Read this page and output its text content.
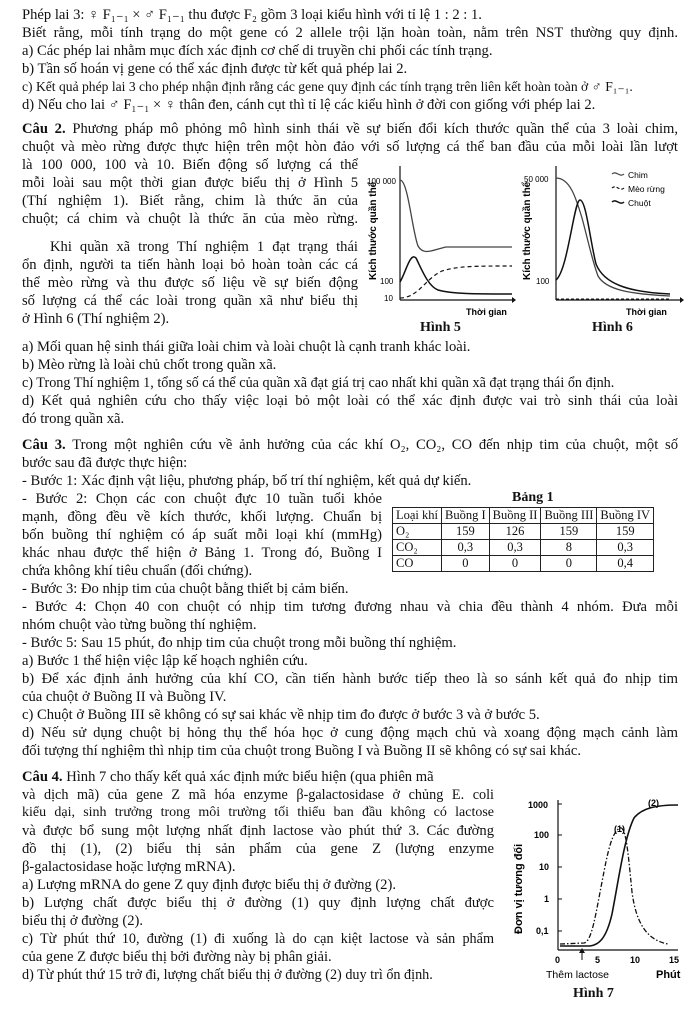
Phép lai 3: ♀ F₁₋₁ × ♂ F₁₋₁ thu được F₂ gồm 3 loại kiểu hình với tỉ lệ 1 : 2 : 1.
Biết rằng, mỗi tính trạng do một gene có 2 allele trội lặn hoàn toàn, nằm trên NST thường quy định.
a) Các phép lai nhằm mục đích xác định cơ chế di truyền chi phối các tính trạng.
b) Tần số hoán vị gene có thể xác định được từ kết quả phép lai 2.
c) Kết quả phép lai 3 cho phép nhận định rằng các gene quy định các tính trạng trên liên kết hoàn toàn ở ♂ F₁₋₁.
d) Nếu cho lai ♂ F₁₋₁ × ♀ thân đen, cánh cụt thì tỉ lệ các kiểu hình ở đời con giống với phép lai 2.
Câu 2. Phương pháp mô phỏng mô hình sinh thái về sự biến đổi kích thước quần thể của 3 loài chim,
chuột và mèo rừng được thực hiện trên một hòn đảo với số lượng cá thể ban đầu của mỗi loài lần lượt
là 100 000, 100 và 10. Biến động số lượng cá thể
mỗi loài sau một thời gian được biểu thị ở Hình 5
(Thí nghiệm 1). Biết rằng, chim là thức ăn của
chuột; cá chim và chuột là thức ăn của mèo rừng.
Khi quần xã trong Thí nghiệm 1 đạt trạng thái
ổn định, người ta tiến hành loại bỏ hoàn toàn các cá
thể mèo rừng và thu được số liệu về sự biến động
số lượng cá thể các loài trong quần xã như biểu thị
ở Hình 6 (Thí nghiệm 2).
Kích thước quần thể
100 000
100
10
Thời gian
Hình 5
Kích thước quần thể
50 000
100
Chim
Mèo rừng
Chuột
Thời gian
Hình 6
a) Mối quan hệ sinh thái giữa loài chim và loài chuột là cạnh tranh khác loài.
b) Mèo rừng là loài chủ chốt trong quần xã.
c) Trong Thí nghiệm 1, tổng số cá thể của quần xã đạt giá trị cao nhất khi quần xã đạt trạng thái ổn định.
d) Kết quả nghiên cứu cho thấy việc loại bỏ một loài có thể xác định được vai trò sinh thái của loài
đó trong quần xã.
Câu 3. Trong một nghiên cứu về ảnh hưởng của các khí O₂, CO₂, CO đến nhịp tim của chuột, một số
bước sau đã được thực hiện:
- Bước 1: Xác định vật liệu, phương pháp, bố trí thí nghiệm, kết quả dự kiến.
- Bước 2: Chọn các con chuột đực 10 tuần tuổi khỏe
mạnh, đồng đều về kích thước, khối lượng. Chuẩn bị
bốn buồng thí nghiệm có áp suất mỗi loại khí (mmHg)
khác nhau được thể hiện ở Bảng 1. Trong đó, Buồng I
chứa không khí tiêu chuẩn (đối chứng).
Bảng 1
Loại khí	Buồng I	Buồng II	Buồng III	Buồng IV
O₂	159	126	159	159
CO₂	0,3	0,3	8	0,3
CO	0	0	0	0,4
- Bước 3: Đo nhịp tim của chuột bằng thiết bị cảm biến.
- Bước 4: Chọn 40 con chuột có nhịp tim tương đương nhau và chia đều thành 4 nhóm. Đưa mỗi
nhóm chuột vào từng buồng thí nghiệm.
- Bước 5: Sau 15 phút, đo nhịp tim của chuột trong mỗi buồng thí nghiệm.
a) Bước 1 thể hiện việc lập kế hoạch nghiên cứu.
b) Để xác định ảnh hưởng của khí CO, cần tiến hành bước tiếp theo là so sánh kết quả đo nhịp tim
của chuột ở Buồng II và Buồng IV.
c) Chuột ở Buồng III sẽ không có sự sai khác về nhịp tim đo được ở bước 3 và ở bước 5.
d) Nếu sử dụng chuột bị hỏng thụ thể hóa học ở cung động mạch chủ và xoang động mạch cảnh làm
đối tượng thí nghiệm thì nhịp tim của chuột trong Buồng I và Buồng II sẽ không có sự sai khác.
Câu 4. Hình 7 cho thấy kết quả xác định mức biểu hiện (qua phiên mã
và dịch mã) của gene Z mã hóa enzyme β-galactosidase ở chủng E. coli
kiểu dại, sinh trưởng trong môi trường tối thiểu ban đầu không có lactose
và được bổ sung một lượng nhất định lactose vào phút thứ 3. Các đường
đồ thị (1), (2) biểu thị sản phẩm của gene Z (lượng enzyme
β-galactosidase hoặc lượng mRNA).
a) Lượng mRNA do gene Z quy định được biểu thị ở đường (2).
b) Lượng chất được biểu thị ở đường (1) quy định lượng chất được
biểu thị ở đường (2).
c) Từ phút thứ 10, đường (1) đi xuống là do cạn kiệt lactose và sản phẩm
của gene Z được biểu thị bởi đường này bị phân giải.
d) Từ phút thứ 15 trở đi, lượng chất biểu thị ở đường (2) duy trì ổn định.
Đơn vị tương đối
1000
100
10
1
0,1
0	5	10	15
Thêm lactose	Phút
(1)
(2)
Hình 7
